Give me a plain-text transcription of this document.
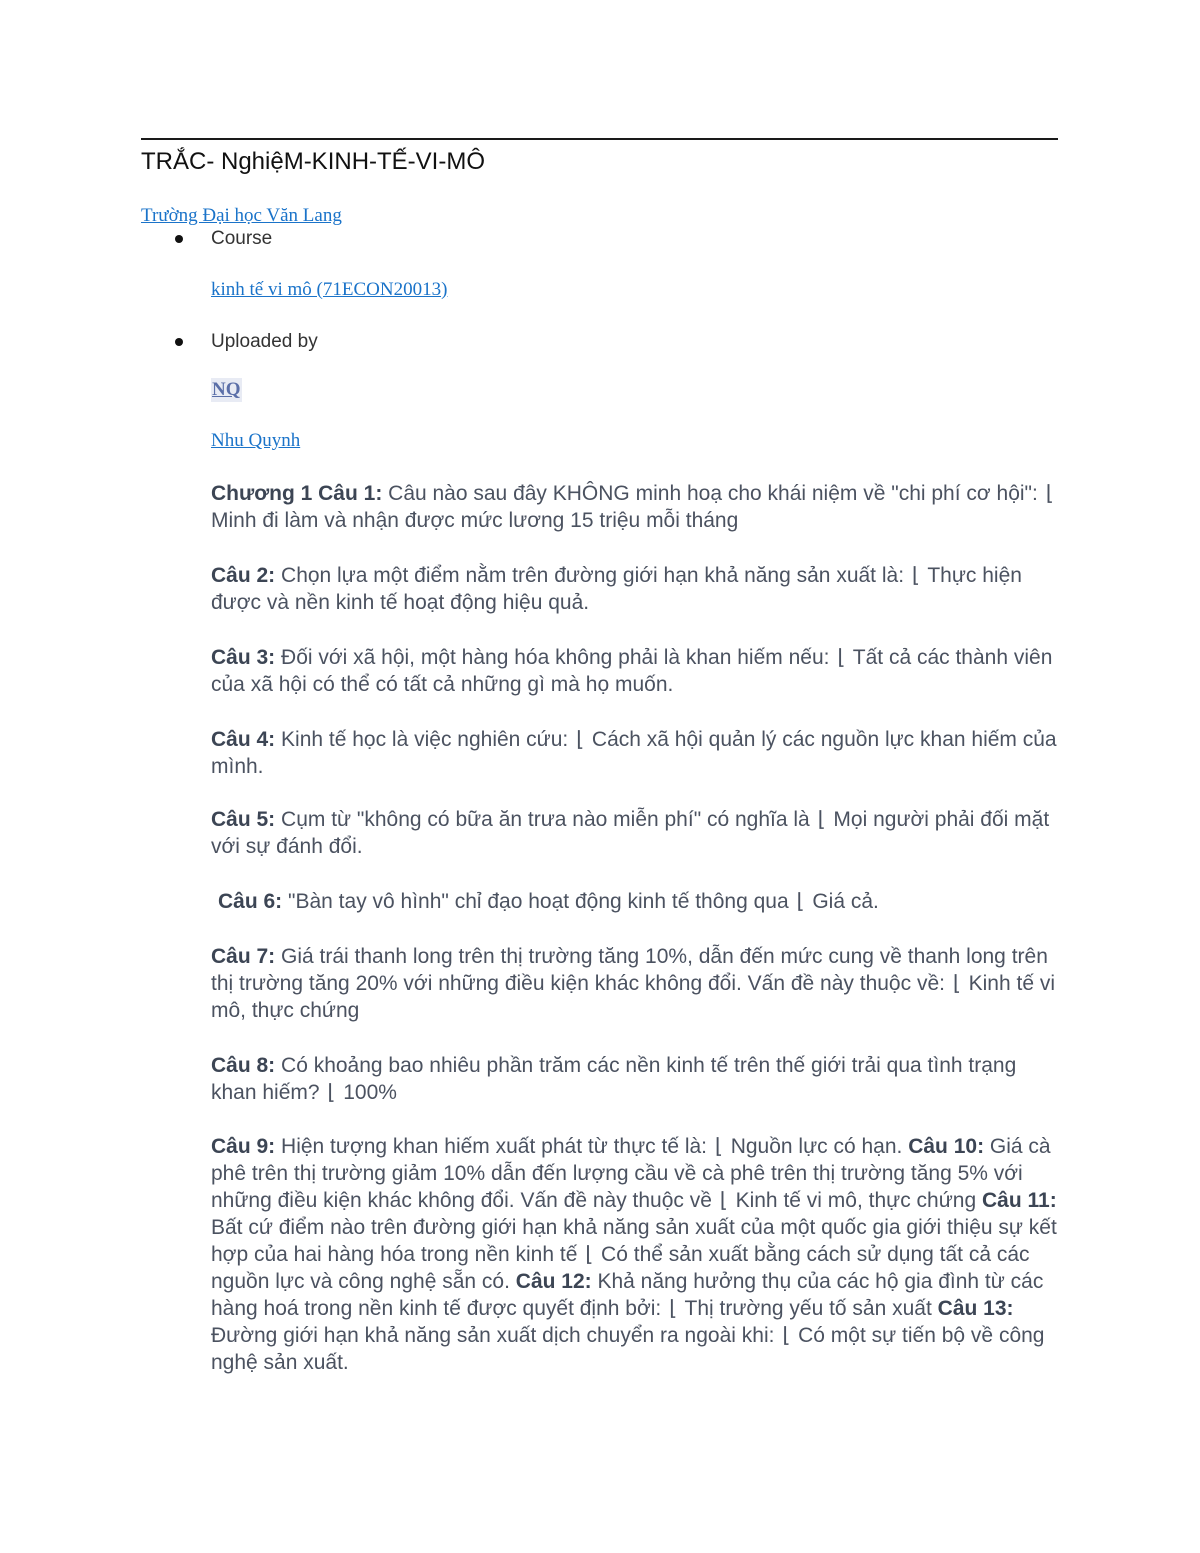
TRẮC- NghiệM-KINH-TẾ-VI-MÔ
Trường Đại học Văn Lang
Course
kinh tế vi mô (71ECON20013)
Uploaded by
NQ
Nhu Quynh

Chương 1 Câu 1: Câu nào sau đây KHÔNG minh hoạ cho khái niệm về "chi phí cơ hội": ⌊ Minh đi làm và nhận được mức lương 15 triệu mỗi tháng

Câu 2: Chọn lựa một điểm nằm trên đường giới hạn khả năng sản xuất là: ⌊ Thực hiện được và nền kinh tế hoạt động hiệu quả.

Câu 3: Đối với xã hội, một hàng hóa không phải là khan hiếm nếu: ⌊ Tất cả các thành viên của xã hội có thể có tất cả những gì mà họ muốn.

Câu 4: Kinh tế học là việc nghiên cứu: ⌊ Cách xã hội quản lý các nguồn lực khan hiếm của mình.

Câu 5: Cụm từ "không có bữa ăn trưa nào miễn phí" có nghĩa là ⌊ Mọi người phải đối mặt với sự đánh đổi.

Câu 6: "Bàn tay vô hình" chỉ đạo hoạt động kinh tế thông qua ⌊ Giá cả.

Câu 7: Giá trái thanh long trên thị trường tăng 10%, dẫn đến mức cung về thanh long trên thị trường tăng 20% với những điều kiện khác không đổi. Vấn đề này thuộc về: ⌊ Kinh tế vi mô, thực chứng

Câu 8: Có khoảng bao nhiêu phần trăm các nền kinh tế trên thế giới trải qua tình trạng khan hiếm? ⌊ 100%

Câu 9: Hiện tượng khan hiếm xuất phát từ thực tế là: ⌊ Nguồn lực có hạn. Câu 10: Giá cà phê trên thị trường giảm 10% dẫn đến lượng cầu về cà phê trên thị trường tăng 5% với những điều kiện khác không đổi. Vấn đề này thuộc về ⌊ Kinh tế vi mô, thực chứng Câu 11: Bất cứ điểm nào trên đường giới hạn khả năng sản xuất của một quốc gia giới thiệu sự kết hợp của hai hàng hóa trong nền kinh tế ⌊ Có thể sản xuất bằng cách sử dụng tất cả các nguồn lực và công nghệ sẵn có. Câu 12: Khả năng hưởng thụ của các hộ gia đình từ các hàng hoá trong nền kinh tế được quyết định bởi: ⌊ Thị trường yếu tố sản xuất Câu 13: Đường giới hạn khả năng sản xuất dịch chuyển ra ngoài khi: ⌊ Có một sự tiến bộ về công nghệ sản xuất.
